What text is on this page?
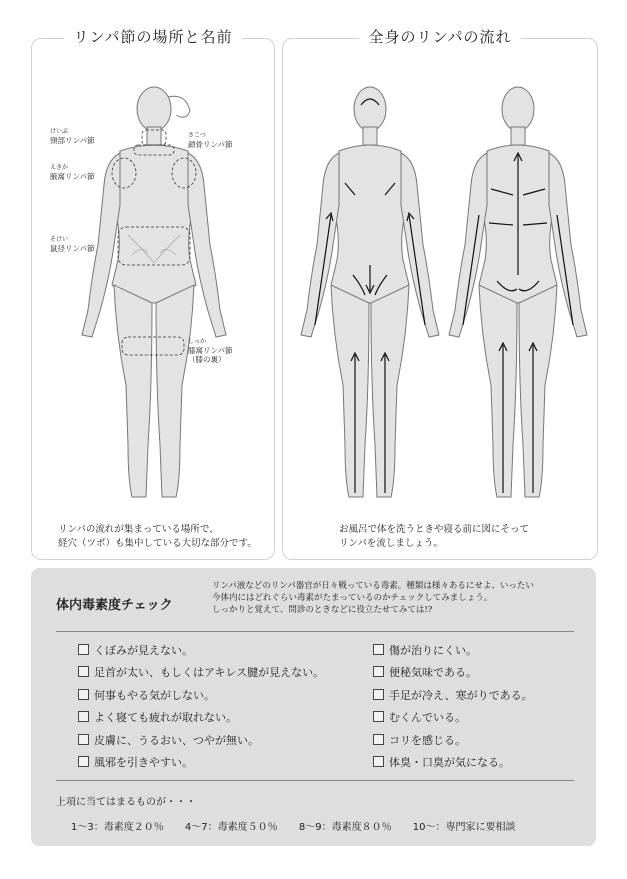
リンパ節の場所と名前
けいぶ
頸部リンパ節
さこつ
鎖骨リンパ節
えきか
腋窩リンパ節
そけい
鼠径リンパ節
しっか
膝窩リンパ節
（膝の裏）
リンパの流れが集まっている場所で、
経穴（ツボ）も集中している大切な部分です。
全身のリンパの流れ
お風呂で体を洗うときや寝る前に図にそって
リンパを流しましょう。
体内毒素度チェック
リンパ液などのリンパ器官が日々戦っている毒素。種類は様々あるにせよ、いったい
今体内にはどれぐらい毒素がたまっているのかチェックしてみましょう。
しっかりと覚えて、問診のときなどに役立たせてみては!?
くぼみが見えない。
足首が太い、もしくはアキレス腱が見えない。
何事もやる気がしない。
よく寝ても疲れが取れない。
皮膚に、うるおい、つやが無い。
風邪を引きやすい。
傷が治りにくい。
便秘気味である。
手足が冷え、寒がりである。
むくんでいる。
コリを感じる。
体臭・口臭が気になる。
上項に当てはまるものが・・・
1～3：毒素度２０％ 4～7：毒素度５０％ 8～9：毒素度８０％ 10～：専門家に要相談
